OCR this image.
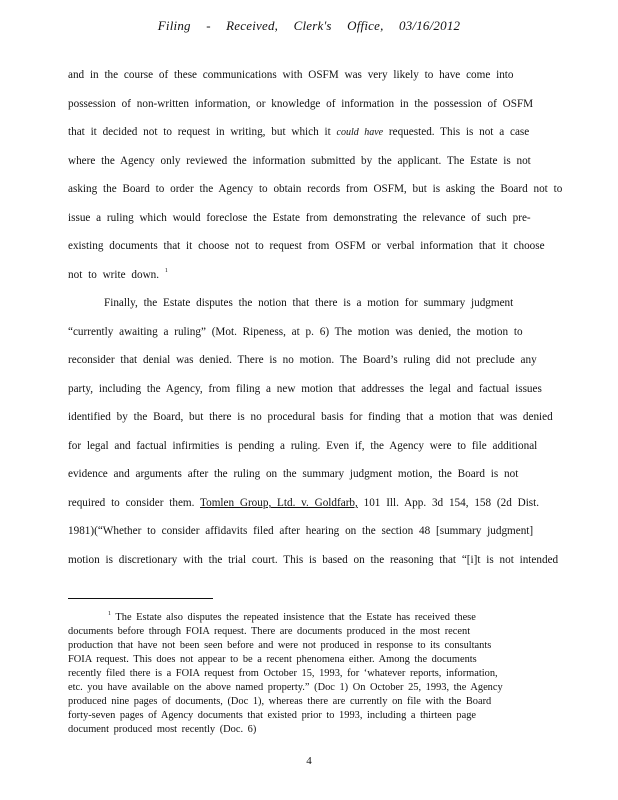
Filing - Received, Clerk's Office, 03/16/2012
and in the course of these communications with OSFM was very likely to have come into
possession of non-written information, or knowledge of information in the possession of OSFM
that it decided not to request in writing, but which it could have requested. This is not a case
where the Agency only reviewed the information submitted by the applicant. The Estate is not
asking the Board to order the Agency to obtain records from OSFM, but is asking the Board not to
issue a ruling which would foreclose the Estate from demonstrating the relevance of such pre-
existing documents that it choose not to request from OSFM or verbal information that it choose
not to write down. $^1$
Finally, the Estate disputes the notion that there is a motion for summary judgment
“currently awaiting a ruling” (Mot. Ripeness, at p. 6) The motion was denied, the motion to
reconsider that denial was denied. There is no motion. The Board’s ruling did not preclude any
party, including the Agency, from filing a new motion that addresses the legal and factual issues
identified by the Board, but there is no procedural basis for finding that a motion that was denied
for legal and factual infirmities is pending a ruling. Even if, the Agency were to file additional
evidence and arguments after the ruling on the summary judgment motion, the Board is not
required to consider them. Tomlen Group, Ltd. v. Goldfarb, 101 Ill. App. 3d 154, 158 (2d Dist.
1981)(“Whether to consider affidavits filed after hearing on the section 48 [summary judgment]
motion is discretionary with the trial court. This is based on the reasoning that “[i]t is not intended
$^1$ The Estate also disputes the repeated insistence that the Estate has received these
documents before through FOIA request. There are documents produced in the most recent
production that have not been seen before and were not produced in response to its consultants
FOIA request. This does not appear to be a recent phenomena either. Among the documents
recently filed there is a FOIA request from October 15, 1993, for ‘whatever reports, information,
etc. you have available on the above named property.” (Doc 1) On October 25, 1993, the Agency
produced nine pages of documents, (Doc 1), whereas there are currently on file with the Board
forty-seven pages of Agency documents that existed prior to 1993, including a thirteen page
document produced most recently (Doc. 6)
4
